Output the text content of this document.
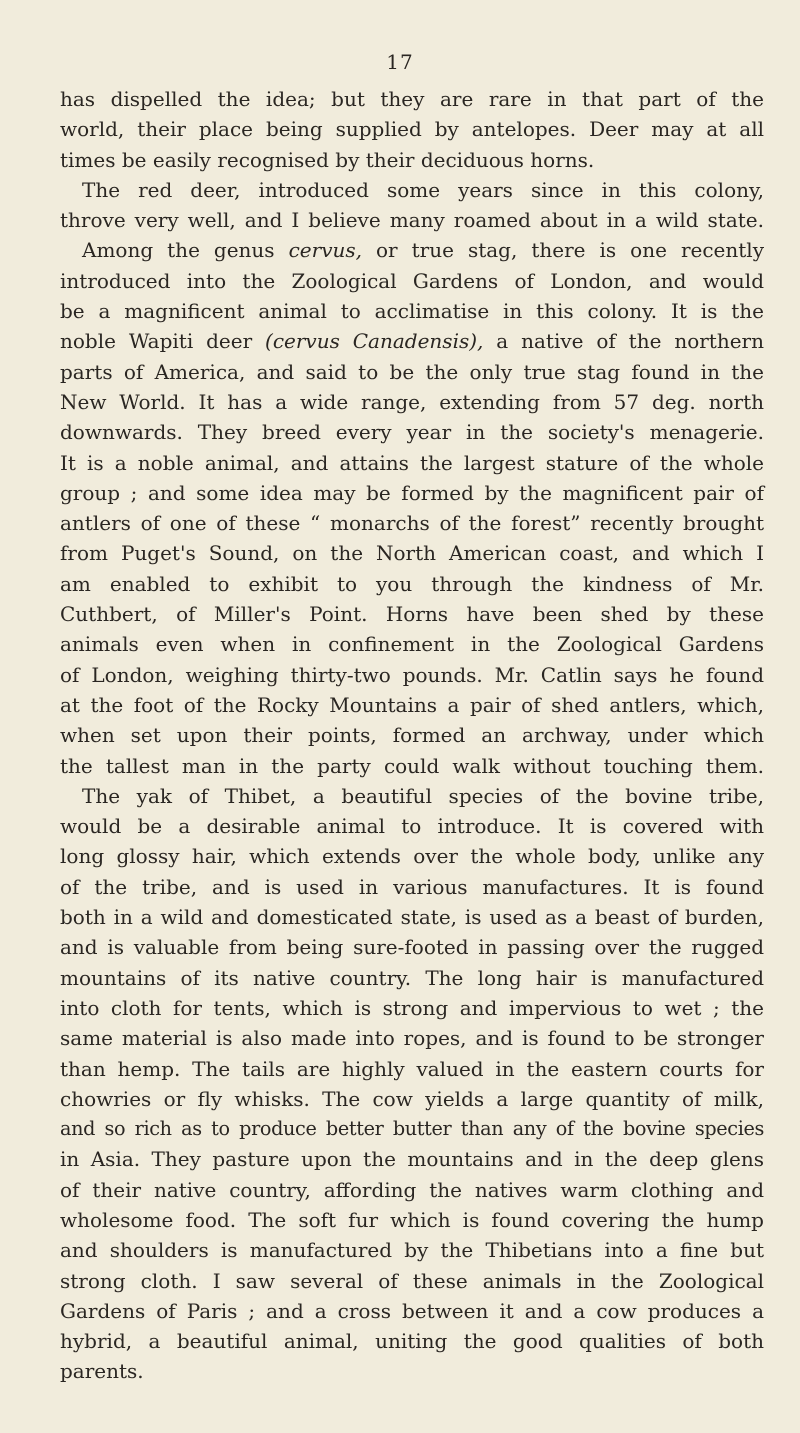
17
has dispelled the idea; but they are rare in that part of the
world, their place being supplied by antelopes. Deer may at all
times be easily recognised by their deciduous horns.
The red deer, introduced some years since in this colony,
throve very well, and I believe many roamed about in a wild state.
Among the genus cervus, or true stag, there is one recently
introduced into the Zoological Gardens of London, and would
be a magnificent animal to acclimatise in this colony. It is the
noble Wapiti deer (cervus Canadensis), a native of the northern
parts of America, and said to be the only true stag found in the
New World. It has a wide range, extending from 57 deg. north
downwards. They breed every year in the society's menagerie.
It is a noble animal, and attains the largest stature of the whole
group ; and some idea may be formed by the magnificent pair of
antlers of one of these “ monarchs of the forest” recently brought
from Puget's Sound, on the North American coast, and which I
am enabled to exhibit to you through the kindness of Mr.
Cuthbert, of Miller's Point. Horns have been shed by these
animals even when in confinement in the Zoological Gardens
of London, weighing thirty-two pounds. Mr. Catlin says he found
at the foot of the Rocky Mountains a pair of shed antlers, which,
when set upon their points, formed an archway, under which
the tallest man in the party could walk without touching them.
The yak of Thibet, a beautiful species of the bovine tribe,
would be a desirable animal to introduce. It is covered with
long glossy hair, which extends over the whole body, unlike any
of the tribe, and is used in various manufactures. It is found
both in a wild and domesticated state, is used as a beast of burden,
and is valuable from being sure-footed in passing over the rugged
mountains of its native country. The long hair is manufactured
into cloth for tents, which is strong and impervious to wet ; the
same material is also made into ropes, and is found to be stronger
than hemp. The tails are highly valued in the eastern courts for
chowries or fly whisks. The cow yields a large quantity of milk,
and so rich as to produce better butter than any of the bovine species
in Asia. They pasture upon the mountains and in the deep glens
of their native country, affording the natives warm clothing and
wholesome food. The soft fur which is found covering the hump
and shoulders is manufactured by the Thibetians into a fine but
strong cloth. I saw several of these animals in the Zoological
Gardens of Paris ; and a cross between it and a cow produces a
hybrid, a beautiful animal, uniting the good qualities of both
parents.
